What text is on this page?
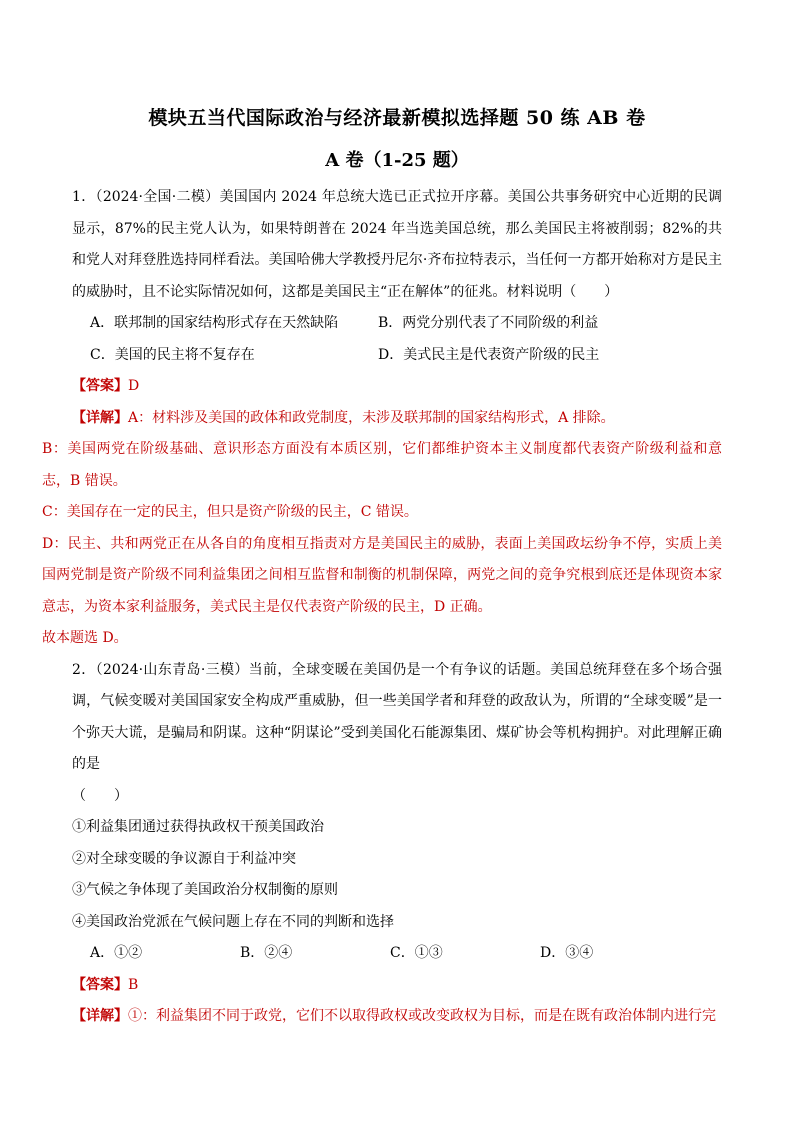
模块五当代国际政治与经济最新模拟选择题 50 练 AB 卷
A 卷（1-25 题）

1．（2024·全国·二模）美国国内 2024 年总统大选已正式拉开序幕。美国公共事务研究中心近期的民调显示，87%的民主党人认为，如果特朗普在 2024 年当选美国总统，那么美国民主将被削弱；82%的共和党人对拜登胜选持同样看法。美国哈佛大学教授丹尼尔·齐布拉特表示，当任何一方都开始称对方是民主的威胁时，且不论实际情况如何，这都是美国民主“正在解体”的征兆。材料说明（　　）

A．联邦制的国家结构形式存在天然缺陷	B．两党分别代表了不同阶级的利益
C．美国的民主将不复存在	D．美式民主是代表资产阶级的民主
【答案】D
【详解】A：材料涉及美国的政体和政党制度，未涉及联邦制的国家结构形式，A 排除。

B：美国两党在阶级基础、意识形态方面没有本质区别，它们都维护资本主义制度都代表资产阶级利益和意志，B 错误。

C：美国存在一定的民主，但只是资产阶级的民主，C 错误。

D：民主、共和两党正在从各自的角度相互指责对方是美国民主的威胁，表面上美国政坛纷争不停，实质上美国两党制是资产阶级不同利益集团之间相互监督和制衡的机制保障，两党之间的竞争究根到底还是体现资本家意志，为资本家利益服务，美式民主是仅代表资产阶级的民主，D 正确。

故本题选 D。

2．（2024·山东青岛·三模）当前，全球变暖在美国仍是一个有争议的话题。美国总统拜登在多个场合强调，气候变暖对美国国家安全构成严重威胁，但一些美国学者和拜登的政敌认为，所谓的“全球变暖”是一个弥天大谎，是骗局和阴谋。这种“阴谋论”受到美国化石能源集团、煤矿协会等机构拥护。对此理解正确的是

（　　）
①利益集团通过获得执政权干预美国政治
②对全球变暖的争议源自于利益冲突
③气候之争体现了美国政治分权制衡的原则
④美国政治党派在气候问题上存在不同的判断和选择
A．①②	B．②④	C．①③	D．③④
【答案】B
【详解】①：利益集团不同于政党，它们不以取得政权或改变政权为目标，而是在既有政治体制内进行完
